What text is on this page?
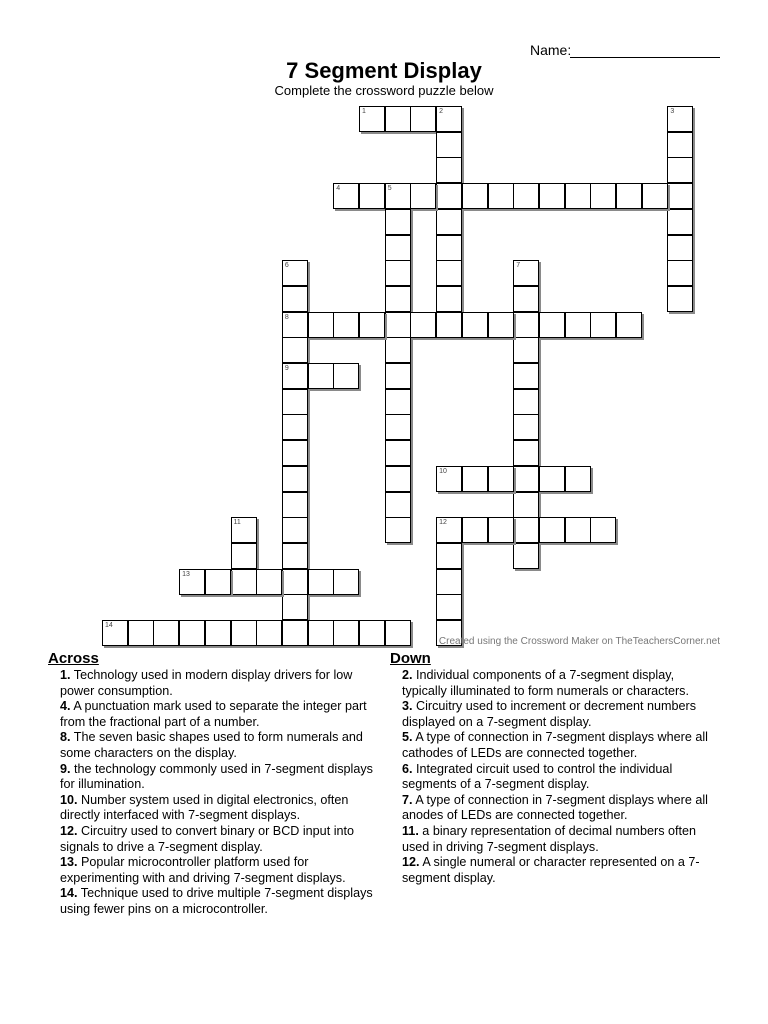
Name:
7 Segment Display
Complete the crossword puzzle below
1	2	3
4	5
6
8
9
7
10
11	12
13
14
Created using the Crossword Maker on TheTeachersCorner.net
Across
1. Technology used in modern display drivers for low power consumption.
4. A punctuation mark used to separate the integer part from the fractional part of a number.
8. The seven basic shapes used to form numerals and some characters on the display.
9. the technology commonly used in 7-segment displays for illumination.
10. Number system used in digital electronics, often directly interfaced with 7-segment displays.
12. Circuitry used to convert binary or BCD input into signals to drive a 7-segment display.
13. Popular microcontroller platform used for experimenting with and driving 7-segment displays.
14. Technique used to drive multiple 7-segment displays using fewer pins on a microcontroller.
Down
2. Individual components of a 7-segment display, typically illuminated to form numerals or characters.
3. Circuitry used to increment or decrement numbers displayed on a 7-segment display.
5. A type of connection in 7-segment displays where all cathodes of LEDs are connected together.
6. Integrated circuit used to control the individual segments of a 7-segment display.
7. A type of connection in 7-segment displays where all anodes of LEDs are connected together.
11. a binary representation of decimal numbers often used in driving 7-segment displays.
12. A single numeral or character represented on a 7-segment display.
